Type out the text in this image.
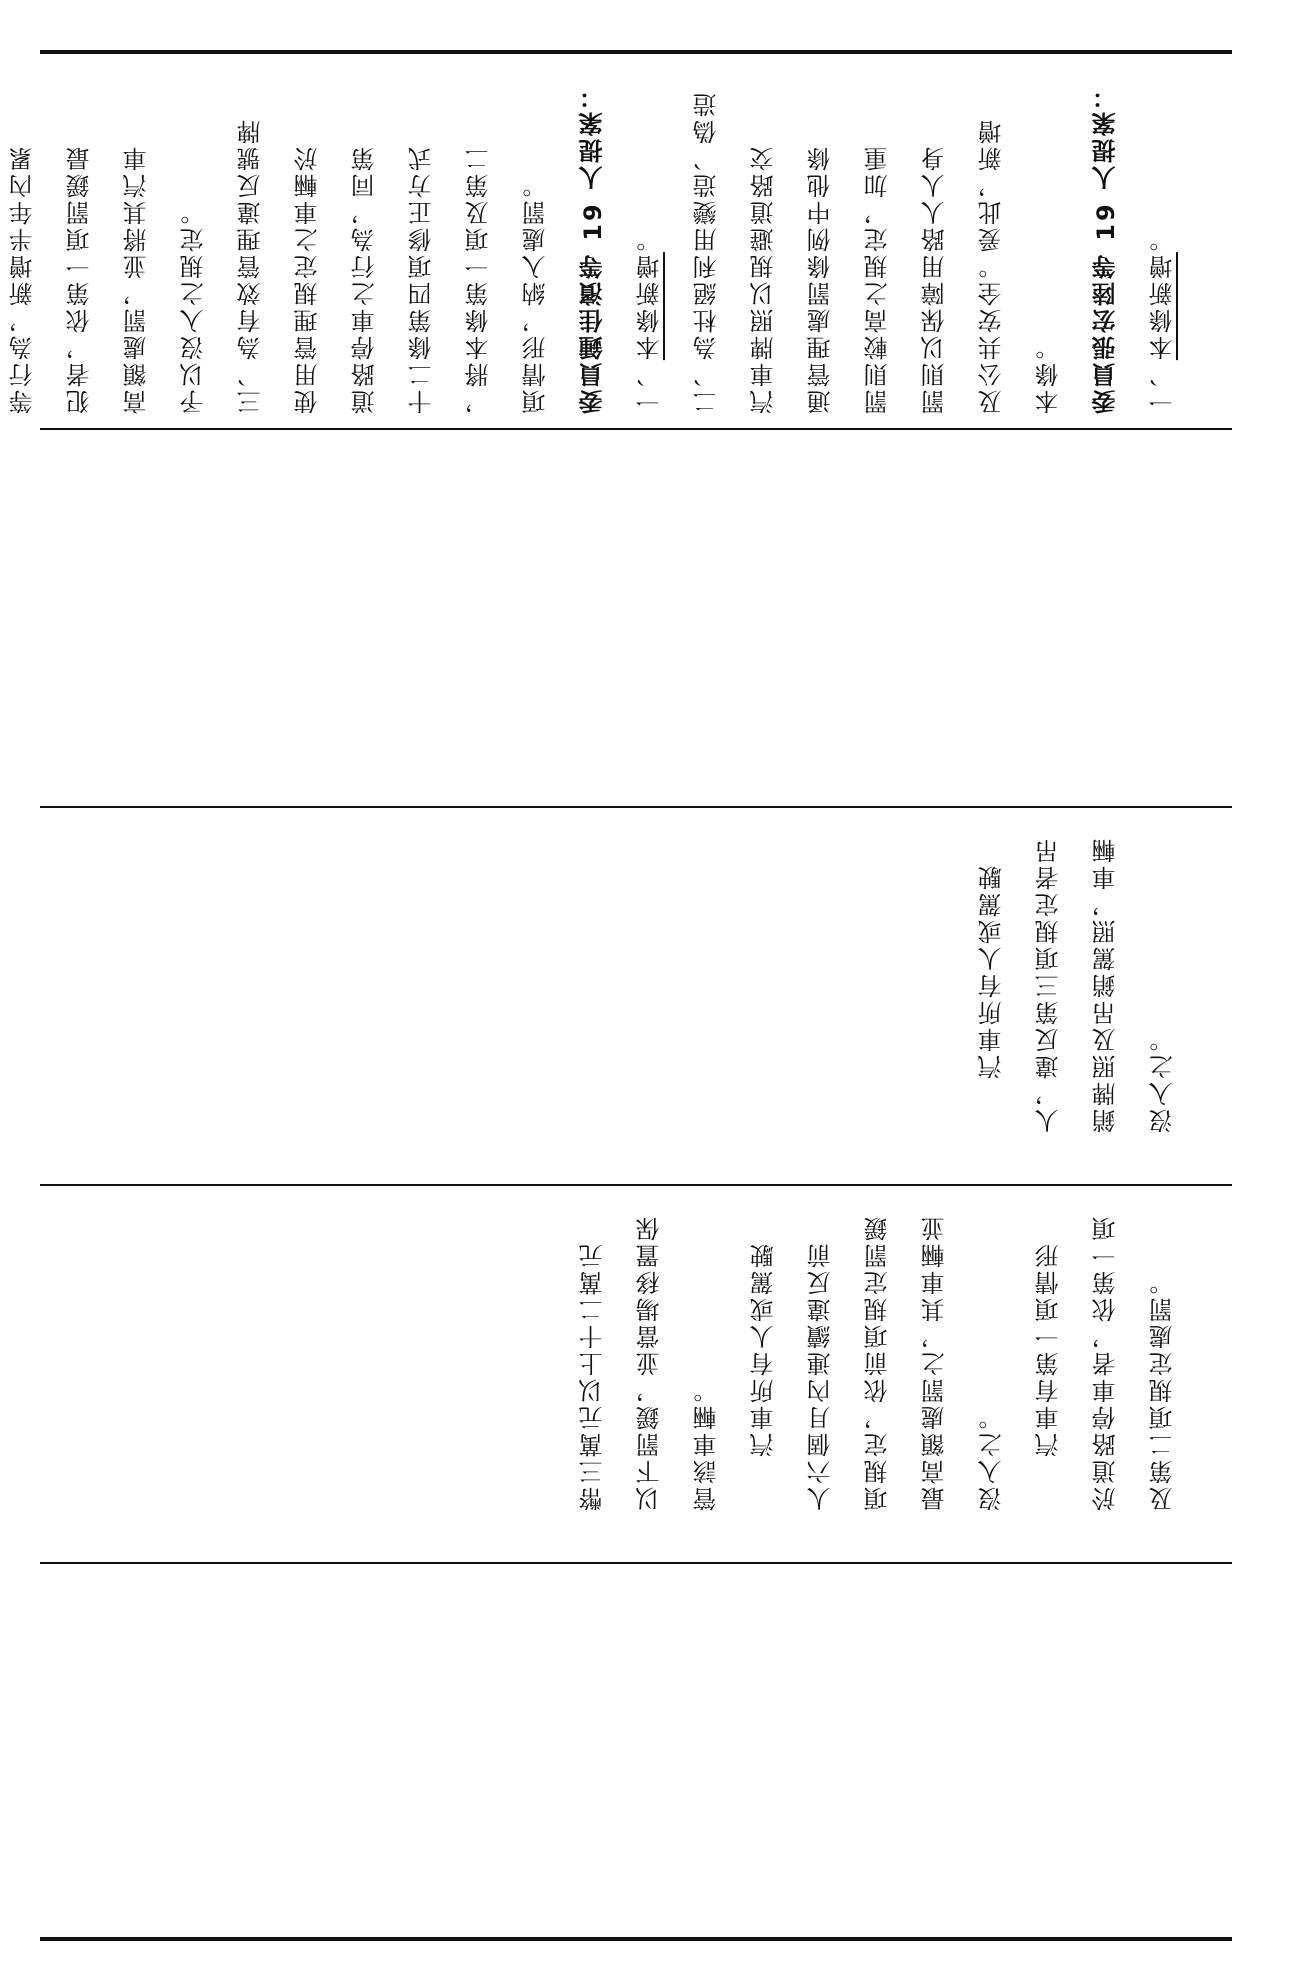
等行為，新增半年內累	犯者，依第一項罰鍰最	高額處罰，並將其汽車	予以沒入之規定。	三、為有效管理違反號牌	使用管理規定之車輛於	道路停車之行為，同第	十二條第四項修正方式	，將本條第一項及第二	項情形，納入處罰。	委員鍾佳濱等 19 人提案：	一、本條新增。	二、為杜絕利用變造、偽造	汽車牌照以規避道路交	通管理處罰條例中他條	罰則較高之規定，加重	罰則以保障用路人人身	及公共安全。爰此，新增	本條。	委員張宏陸等 19 人提案：	一、本條新增。
　　汽車所有人或駕駛	人，違反第三項規定者吊	銷牌照及吊銷駕照，車輛	沒入之。
幣三萬元以上十二萬元	以下罰鍰，並當場移置保	管該車輛。	　　汽車所有人或駕駛	人六個月內連續違反前	項規定，依前項規定罰鍰	最高額處罰之，其車輛並	沒入之。	　　汽車有第一項情形	於道路停車者，依第一項	及第二項規定處罰。
